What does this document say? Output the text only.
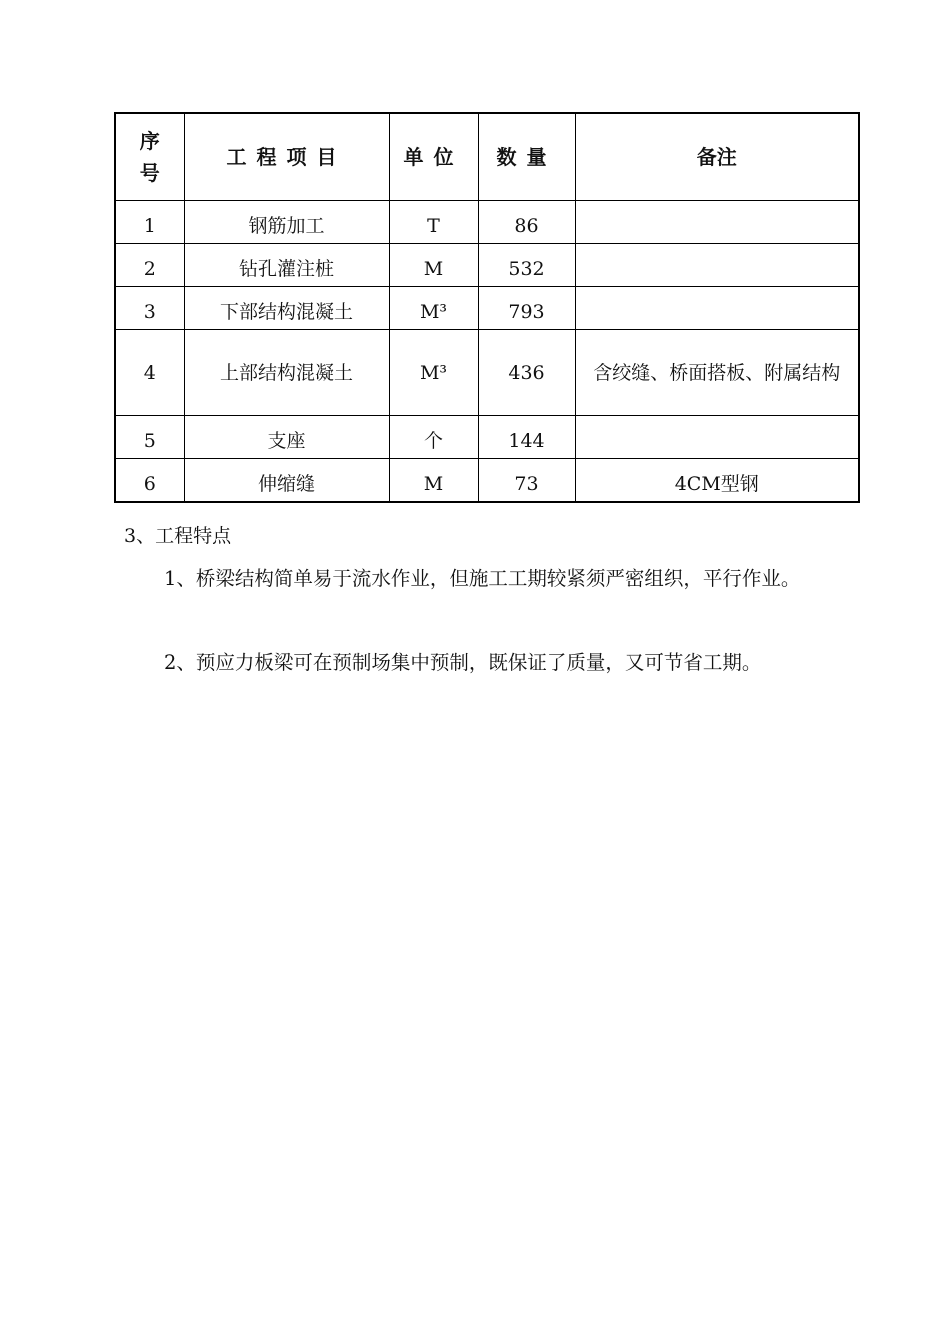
序号	工程项目	单位	数量	备注
1	钢筋加工	T	86	
2	钻孔灌注桩	M	532	
3	下部结构混凝土	M³	793	
4	上部结构混凝土	M³	436	含绞缝、桥面搭板、附属结构

5	支座	个	144	
6	伸缩缝	M	73	4CM型钢
3、工程特点

1、桥梁结构简单易于流水作业，但施工工期较紧须严密组织，平行作业。

2、预应力板梁可在预制场集中预制，既保证了质量，又可节省工期。
